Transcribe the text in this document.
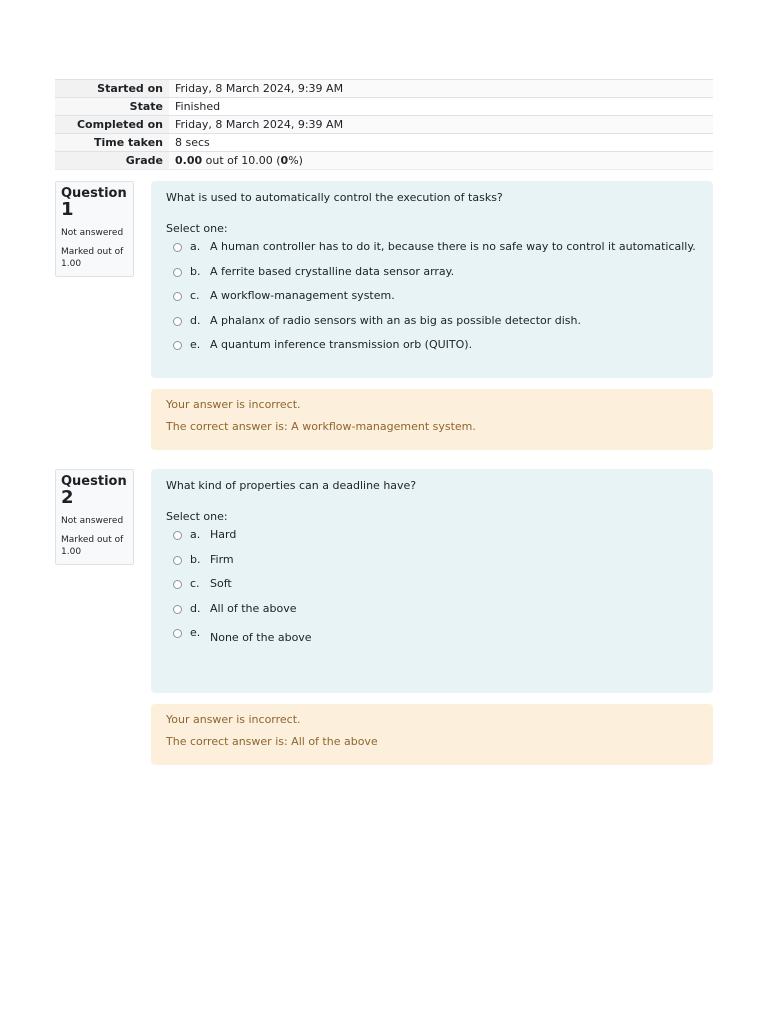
Started on	Friday, 8 March 2024, 9:39 AM
State	Finished
Completed on	Friday, 8 March 2024, 9:39 AM
Time taken	8 secs
Grade	0.00 out of 10.00 (0%)
Question
1
Not answered
Marked out of 1.00
What is used to automatically control the execution of tasks?
Select one:
a. A human controller has to do it, because there is no safe way to control it automatically.
b. A ferrite based crystalline data sensor array.
c. A workflow-management system.
d. A phalanx of radio sensors with an as big as possible detector dish.
e. A quantum inference transmission orb (QUITO).
Your answer is incorrect.
The correct answer is: A workflow-management system.
Question
2
Not answered
Marked out of 1.00
What kind of properties can a deadline have?
Select one:
a. Hard
b. Firm
c. Soft
d. All of the above
e. None of the above
Your answer is incorrect.
The correct answer is: All of the above
